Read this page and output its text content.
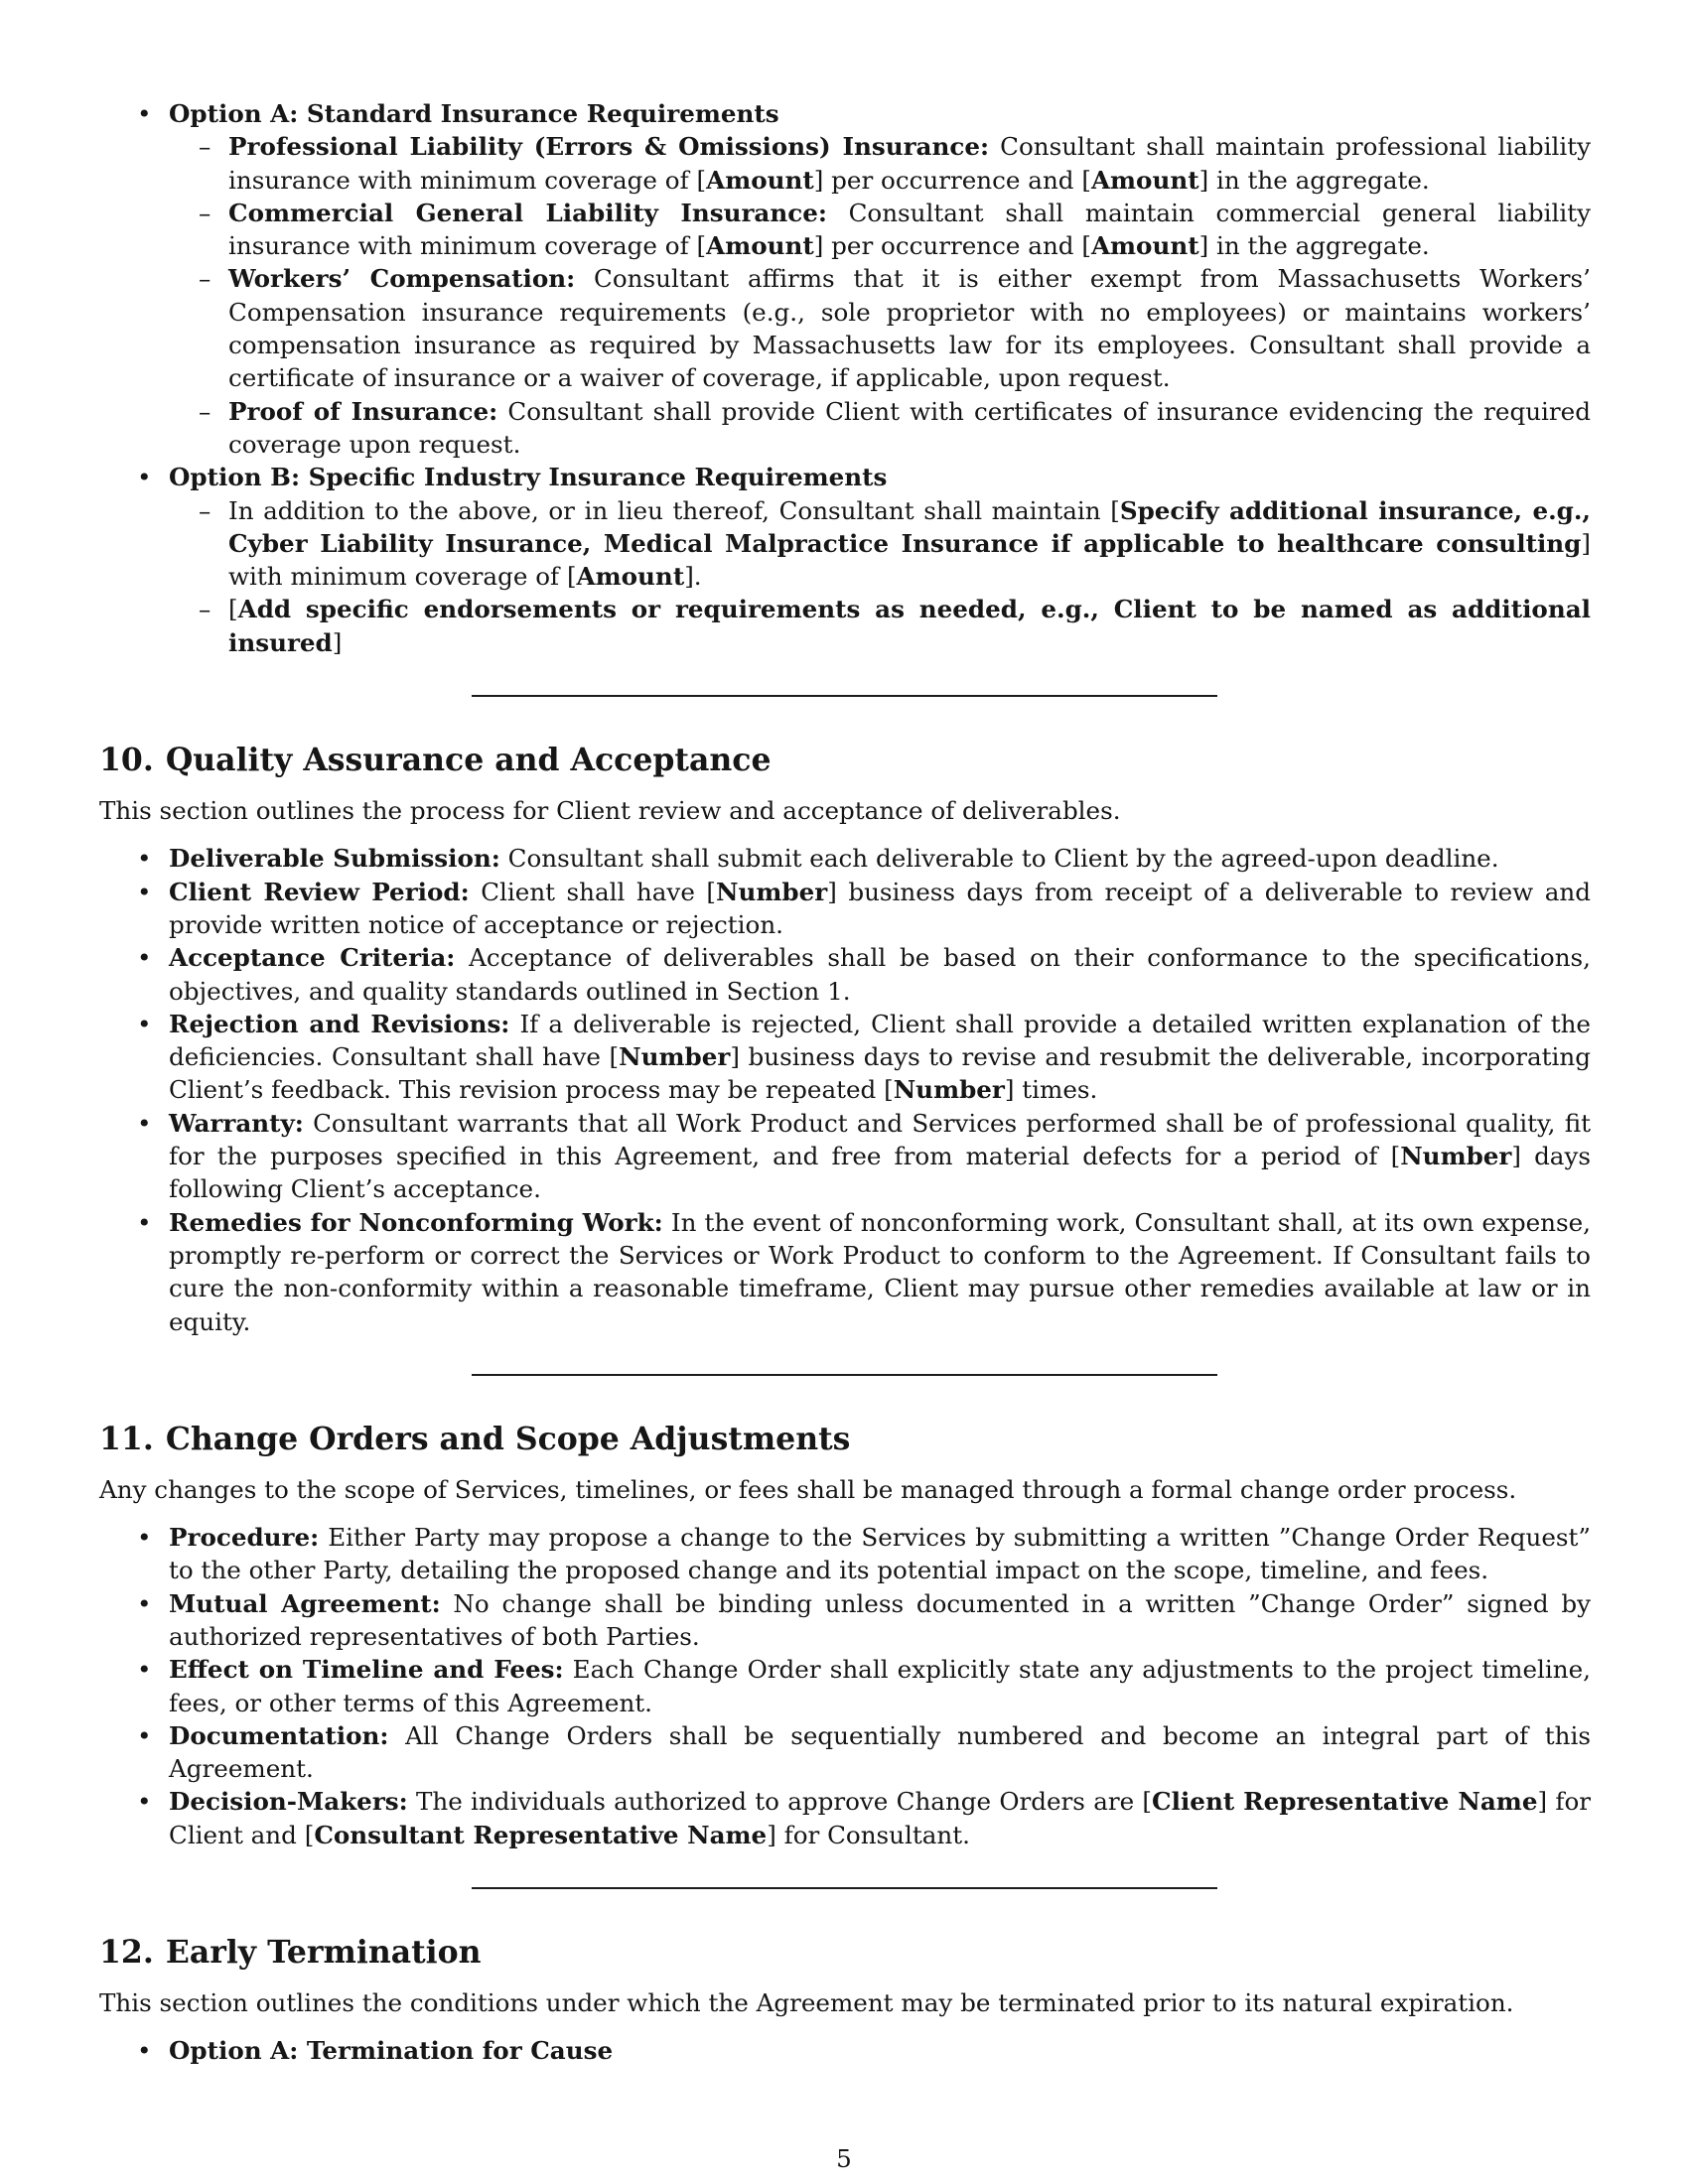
• Option A: Standard Insurance Requirements
– Professional Liability (Errors & Omissions) Insurance: Consultant shall maintain professional liability insurance with minimum coverage of [Amount] per occurrence and [Amount] in the aggregate.
– Commercial General Liability Insurance: Consultant shall maintain commercial general liability insurance with minimum coverage of [Amount] per occurrence and [Amount] in the aggregate.
– Workers’ Compensation: Consultant affirms that it is either exempt from Massachusetts Workers’ Compensation insurance requirements (e.g., sole proprietor with no employees) or maintains workers’ compensation insurance as required by Massachusetts law for its employees. Consultant shall provide a certificate of insurance or a waiver of coverage, if applicable, upon request.
– Proof of Insurance: Consultant shall provide Client with certificates of insurance evidencing the required coverage upon request.
• Option B: Specific Industry Insurance Requirements
– In addition to the above, or in lieu thereof, Consultant shall maintain [Specify additional insurance, e.g., Cyber Liability Insurance, Medical Malpractice Insurance if applicable to healthcare consulting] with minimum coverage of [Amount].
– [Add specific endorsements or requirements as needed, e.g., Client to be named as additional insured]
10. Quality Assurance and Acceptance

This section outlines the process for Client review and acceptance of deliverables.

• Deliverable Submission: Consultant shall submit each deliverable to Client by the agreed-upon deadline.
• Client Review Period: Client shall have [Number] business days from receipt of a deliverable to review and provide written notice of acceptance or rejection.
• Acceptance Criteria: Acceptance of deliverables shall be based on their conformance to the specifications, objectives, and quality standards outlined in Section 1.
• Rejection and Revisions: If a deliverable is rejected, Client shall provide a detailed written explanation of the deficiencies. Consultant shall have [Number] business days to revise and resubmit the deliverable, incorporating Client’s feedback. This revision process may be repeated [Number] times.
• Warranty: Consultant warrants that all Work Product and Services performed shall be of professional quality, fit for the purposes specified in this Agreement, and free from material defects for a period of [Number] days following Client’s acceptance.
• Remedies for Nonconforming Work: In the event of nonconforming work, Consultant shall, at its own expense, promptly re-perform or correct the Services or Work Product to conform to the Agreement. If Consultant fails to cure the non-conformity within a reasonable timeframe, Client may pursue other remedies available at law or in equity.
11. Change Orders and Scope Adjustments

Any changes to the scope of Services, timelines, or fees shall be managed through a formal change order process.

• Procedure: Either Party may propose a change to the Services by submitting a written ”Change Order Request” to the other Party, detailing the proposed change and its potential impact on the scope, timeline, and fees.
• Mutual Agreement: No change shall be binding unless documented in a written ”Change Order” signed by authorized representatives of both Parties.
• Effect on Timeline and Fees: Each Change Order shall explicitly state any adjustments to the project timeline, fees, or other terms of this Agreement.
• Documentation: All Change Orders shall be sequentially numbered and become an integral part of this Agreement.
• Decision-Makers: The individuals authorized to approve Change Orders are [Client Representative Name] for Client and [Consultant Representative Name] for Consultant.
12. Early Termination

This section outlines the conditions under which the Agreement may be terminated prior to its natural expiration.

• Option A: Termination for Cause
5
